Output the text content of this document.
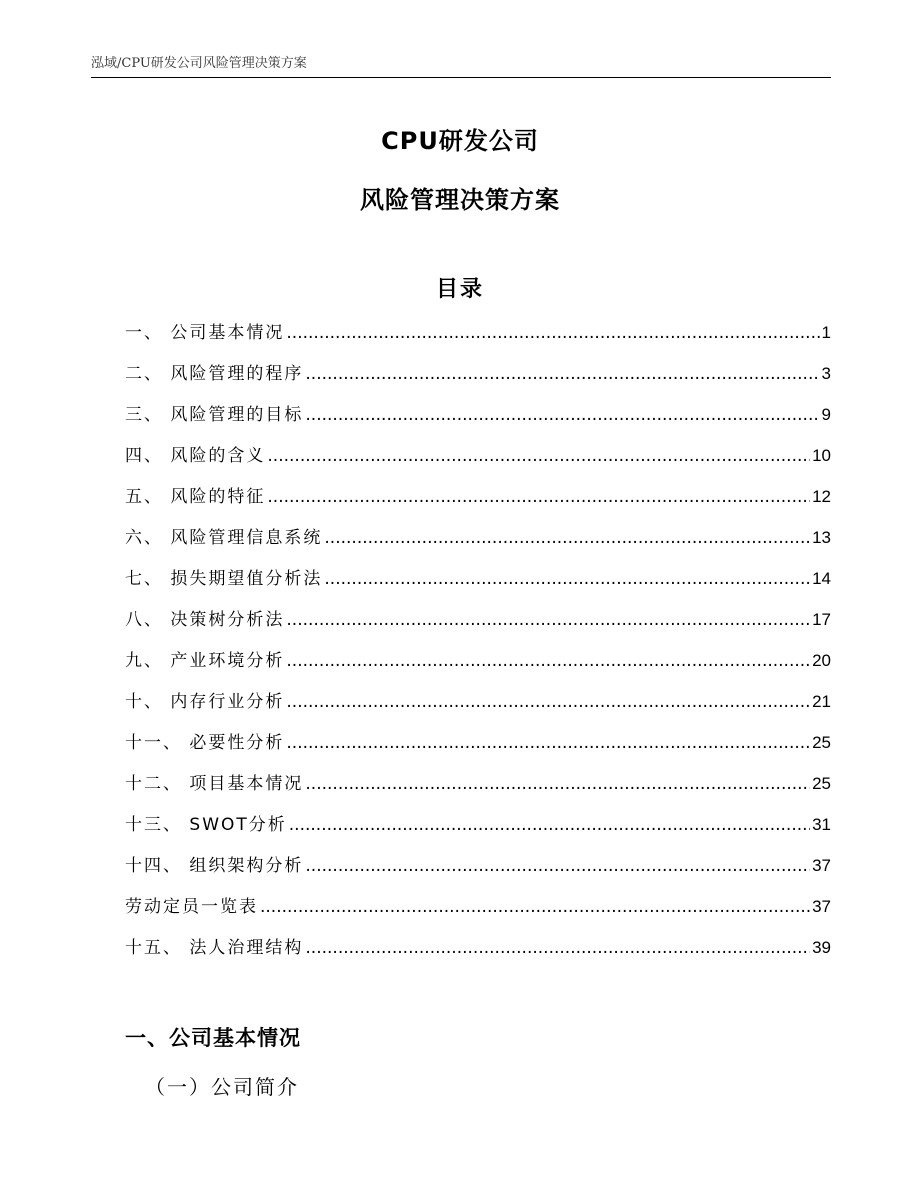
泓域/CPU研发公司风险管理决策方案
CPU研发公司
风险管理决策方案
目录
一、 公司基本情况 .....	1
二、 风险管理的程序 .....	3
三、 风险管理的目标 .....	9
四、 风险的含义 .....	10
五、 风险的特征 .....	12
六、 风险管理信息系统 .....	13
七、 损失期望值分析法 .....	14
八、 决策树分析法 .....	17
九、 产业环境分析 .....	20
十、 内存行业分析 .....	21
十一、 必要性分析 .....	25
十二、 项目基本情况 .....	25
十三、 SWOT分析 .....	31
十四、 组织架构分析 .....	37
劳动定员一览表 .....	37
十五、 法人治理结构 .....	39
一、公司基本情况
（一）公司简介
